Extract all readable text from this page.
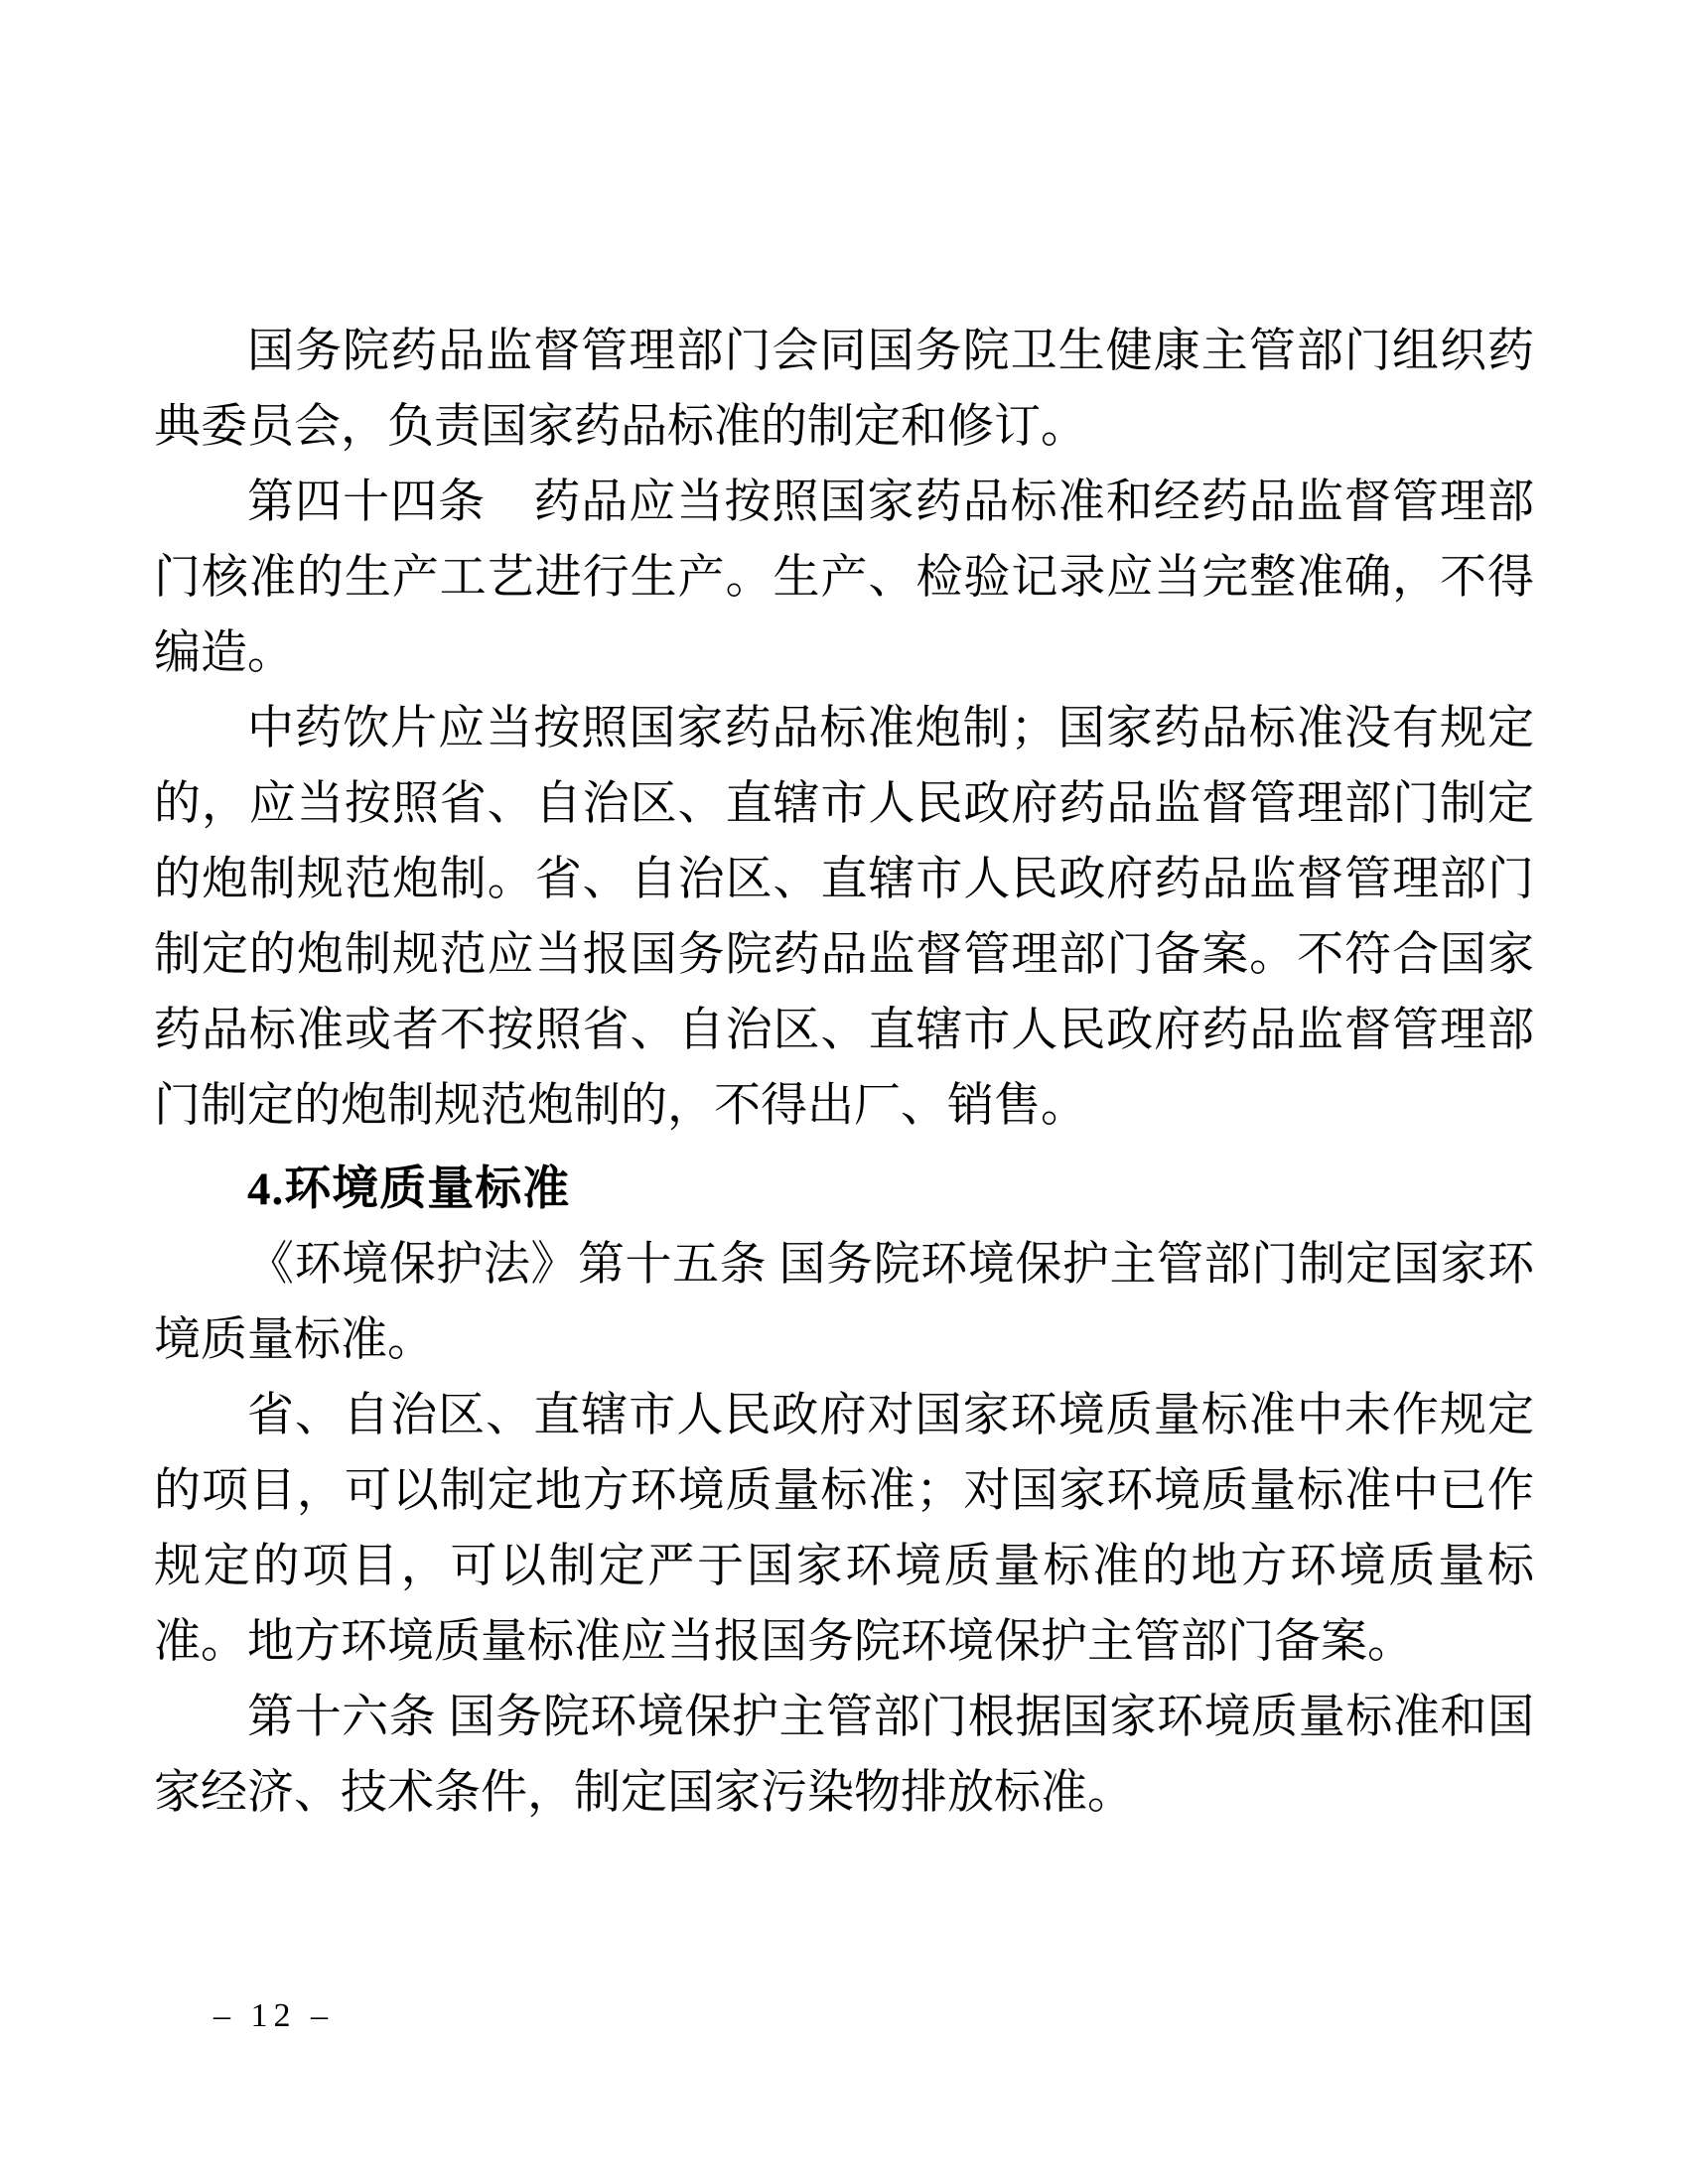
国务院药品监督管理部门会同国务院卫生健康主管部门组织药典委员会，负责国家药品标准的制定和修订。

第四十四条　药品应当按照国家药品标准和经药品监督管理部门核准的生产工艺进行生产。生产、检验记录应当完整准确，不得编造。

中药饮片应当按照国家药品标准炮制；国家药品标准没有规定的，应当按照省、自治区、直辖市人民政府药品监督管理部门制定的炮制规范炮制。省、自治区、直辖市人民政府药品监督管理部门制定的炮制规范应当报国务院药品监督管理部门备案。不符合国家药品标准或者不按照省、自治区、直辖市人民政府药品监督管理部门制定的炮制规范炮制的，不得出厂、销售。

4.环境质量标准

《环境保护法》第十五条 国务院环境保护主管部门制定国家环境质量标准。

省、自治区、直辖市人民政府对国家环境质量标准中未作规定的项目，可以制定地方环境质量标准；对国家环境质量标准中已作规定的项目，可以制定严于国家环境质量标准的地方环境质量标准。地方环境质量标准应当报国务院环境保护主管部门备案。

第十六条 国务院环境保护主管部门根据国家环境质量标准和国家经济、技术条件，制定国家污染物排放标准。

– 12 –
